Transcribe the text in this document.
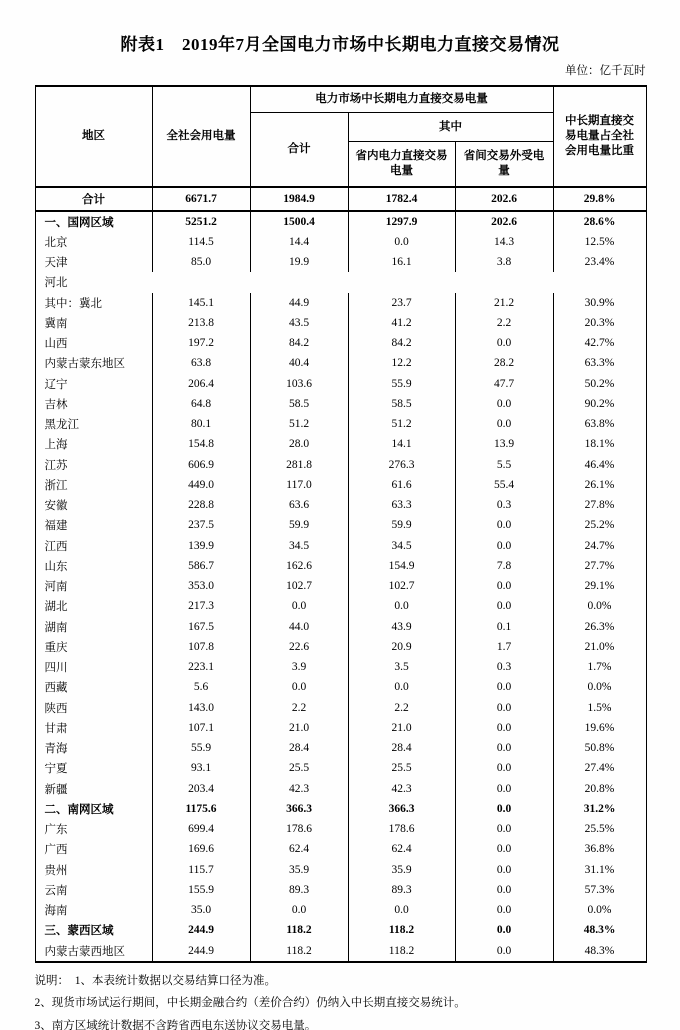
附表1　2019年7月全国电力市场中长期电力直接交易情况
单位：亿千瓦时
地区	全社会用电量	电力市场中长期电力直接交易电量			中长期直接交易电量占全社会用电量比重
		合计	其中		
			省内电力直接交易电量	省间交易外受电量	
合计	6671.7	1984.9	1782.4	202.6	29.8%
一、国网区域	5251.2	1500.4	1297.9	202.6	28.6%
北京	114.5	14.4	0.0	14.3	12.5%
天津	85.0	19.9	16.1	3.8	23.4%
河北					
其中：冀北	145.1	44.9	23.7	21.2	30.9%
冀南	213.8	43.5	41.2	2.2	20.3%
山西	197.2	84.2	84.2	0.0	42.7%
内蒙古蒙东地区	63.8	40.4	12.2	28.2	63.3%
辽宁	206.4	103.6	55.9	47.7	50.2%
吉林	64.8	58.5	58.5	0.0	90.2%
黑龙江	80.1	51.2	51.2	0.0	63.8%
上海	154.8	28.0	14.1	13.9	18.1%
江苏	606.9	281.8	276.3	5.5	46.4%
浙江	449.0	117.0	61.6	55.4	26.1%
安徽	228.8	63.6	63.3	0.3	27.8%
福建	237.5	59.9	59.9	0.0	25.2%
江西	139.9	34.5	34.5	0.0	24.7%
山东	586.7	162.6	154.9	7.8	27.7%
河南	353.0	102.7	102.7	0.0	29.1%
湖北	217.3	0.0	0.0	0.0	0.0%
湖南	167.5	44.0	43.9	0.1	26.3%
重庆	107.8	22.6	20.9	1.7	21.0%
四川	223.1	3.9	3.5	0.3	1.7%
西藏	5.6	0.0	0.0	0.0	0.0%
陕西	143.0	2.2	2.2	0.0	1.5%
甘肃	107.1	21.0	21.0	0.0	19.6%
青海	55.9	28.4	28.4	0.0	50.8%
宁夏	93.1	25.5	25.5	0.0	27.4%
新疆	203.4	42.3	42.3	0.0	20.8%
二、南网区域	1175.6	366.3	366.3	0.0	31.2%
广东	699.4	178.6	178.6	0.0	25.5%
广西	169.6	62.4	62.4	0.0	36.8%
贵州	115.7	35.9	35.9	0.0	31.1%
云南	155.9	89.3	89.3	0.0	57.3%
海南	35.0	0.0	0.0	0.0	0.0%
三、蒙西区域	244.9	118.2	118.2	0.0	48.3%
内蒙古蒙西地区	244.9	118.2	118.2	0.0	48.3%

说明：　1、本表统计数据以交易结算口径为准。

2、现货市场试运行期间，中长期金融合约（差价合约）仍纳入中长期直接交易统计。

3、南方区域统计数据不含跨省西电东送协议交易电量。
